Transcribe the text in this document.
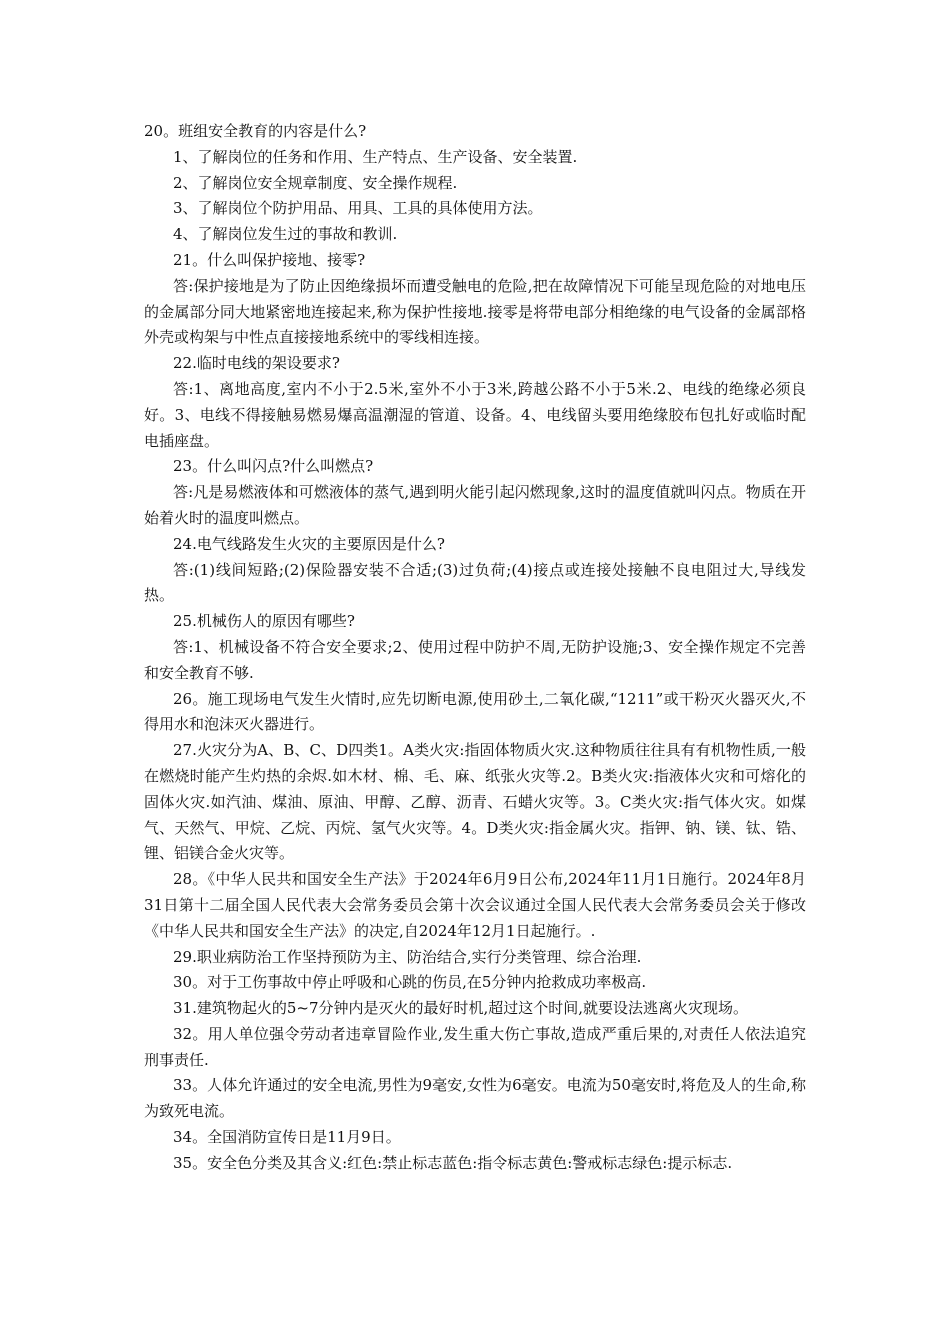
20。班组安全教育的内容是什么?

1、了解岗位的任务和作用、生产特点、生产设备、安全装置.

2、了解岗位安全规章制度、安全操作规程.

3、了解岗位个防护用品、用具、工具的具体使用方法。

4、了解岗位发生过的事故和教训.

21。什么叫保护接地、接零?

答:保护接地是为了防止因绝缘损坏而遭受触电的危险,把在故障情况下可能呈现危险的对地电压的金属部分同大地紧密地连接起来,称为保护性接地.接零是将带电部分相绝缘的电气设备的金属部格外壳或构架与中性点直接接地系统中的零线相连接。

22.临时电线的架设要求?

答:1、离地高度,室内不小于2.5米,室外不小于3米,跨越公路不小于5米.2、电线的绝缘必须良好。3、电线不得接触易燃易爆高温潮湿的管道、设备。4、电线留头要用绝缘胶布包扎好或临时配电插座盘。

23。什么叫闪点?什么叫燃点?

答:凡是易燃液体和可燃液体的蒸气,遇到明火能引起闪燃现象,这时的温度值就叫闪点。物质在开始着火时的温度叫燃点。

24.电气线路发生火灾的主要原因是什么?

答:(1)线间短路;(2)保险器安装不合适;(3)过负荷;(4)接点或连接处接触不良电阻过大,导线发热。

25.机械伤人的原因有哪些?

答:1、机械设备不符合安全要求;2、使用过程中防护不周,无防护设施;3、安全操作规定不完善和安全教育不够.

26。施工现场电气发生火情时,应先切断电源,使用砂土,二氧化碳,“1211”或干粉灭火器灭火,不得用水和泡沫灭火器进行。

27.火灾分为A、B、C、D四类1。A类火灾:指固体物质火灾.这种物质往往具有有机物性质,一般在燃烧时能产生灼热的余烬.如木材、棉、毛、麻、纸张火灾等.2。B类火灾:指液体火灾和可熔化的固体火灾.如汽油、煤油、原油、甲醇、乙醇、沥青、石蜡火灾等。3。C类火灾:指气体火灾。如煤气、天然气、甲烷、乙烷、丙烷、氢气火灾等。4。D类火灾:指金属火灾。指钾、钠、镁、钛、锆、锂、铝镁合金火灾等。

28。《中华人民共和国安全生产法》于2024年6月9日公布,2024年11月1日施行。2024年8月31日第十二届全国人民代表大会常务委员会第十次会议通过全国人民代表大会常务委员会关于修改《中华人民共和国安全生产法》的决定,自2024年12月1日起施行。.

29.职业病防治工作坚持预防为主、防治结合,实行分类管理、综合治理.

30。对于工伤事故中停止呼吸和心跳的伤员,在5分钟内抢救成功率极高.

31.建筑物起火的5~7分钟内是灭火的最好时机,超过这个时间,就要设法逃离火灾现场。

32。用人单位强令劳动者违章冒险作业,发生重大伤亡事故,造成严重后果的,对责任人依法追究刑事责任.

33。人体允许通过的安全电流,男性为9毫安,女性为6毫安。电流为50毫安时,将危及人的生命,称为致死电流。

34。全国消防宣传日是11月9日。

35。安全色分类及其含义:红色:禁止标志蓝色:指令标志黄色:警戒标志绿色:提示标志.
